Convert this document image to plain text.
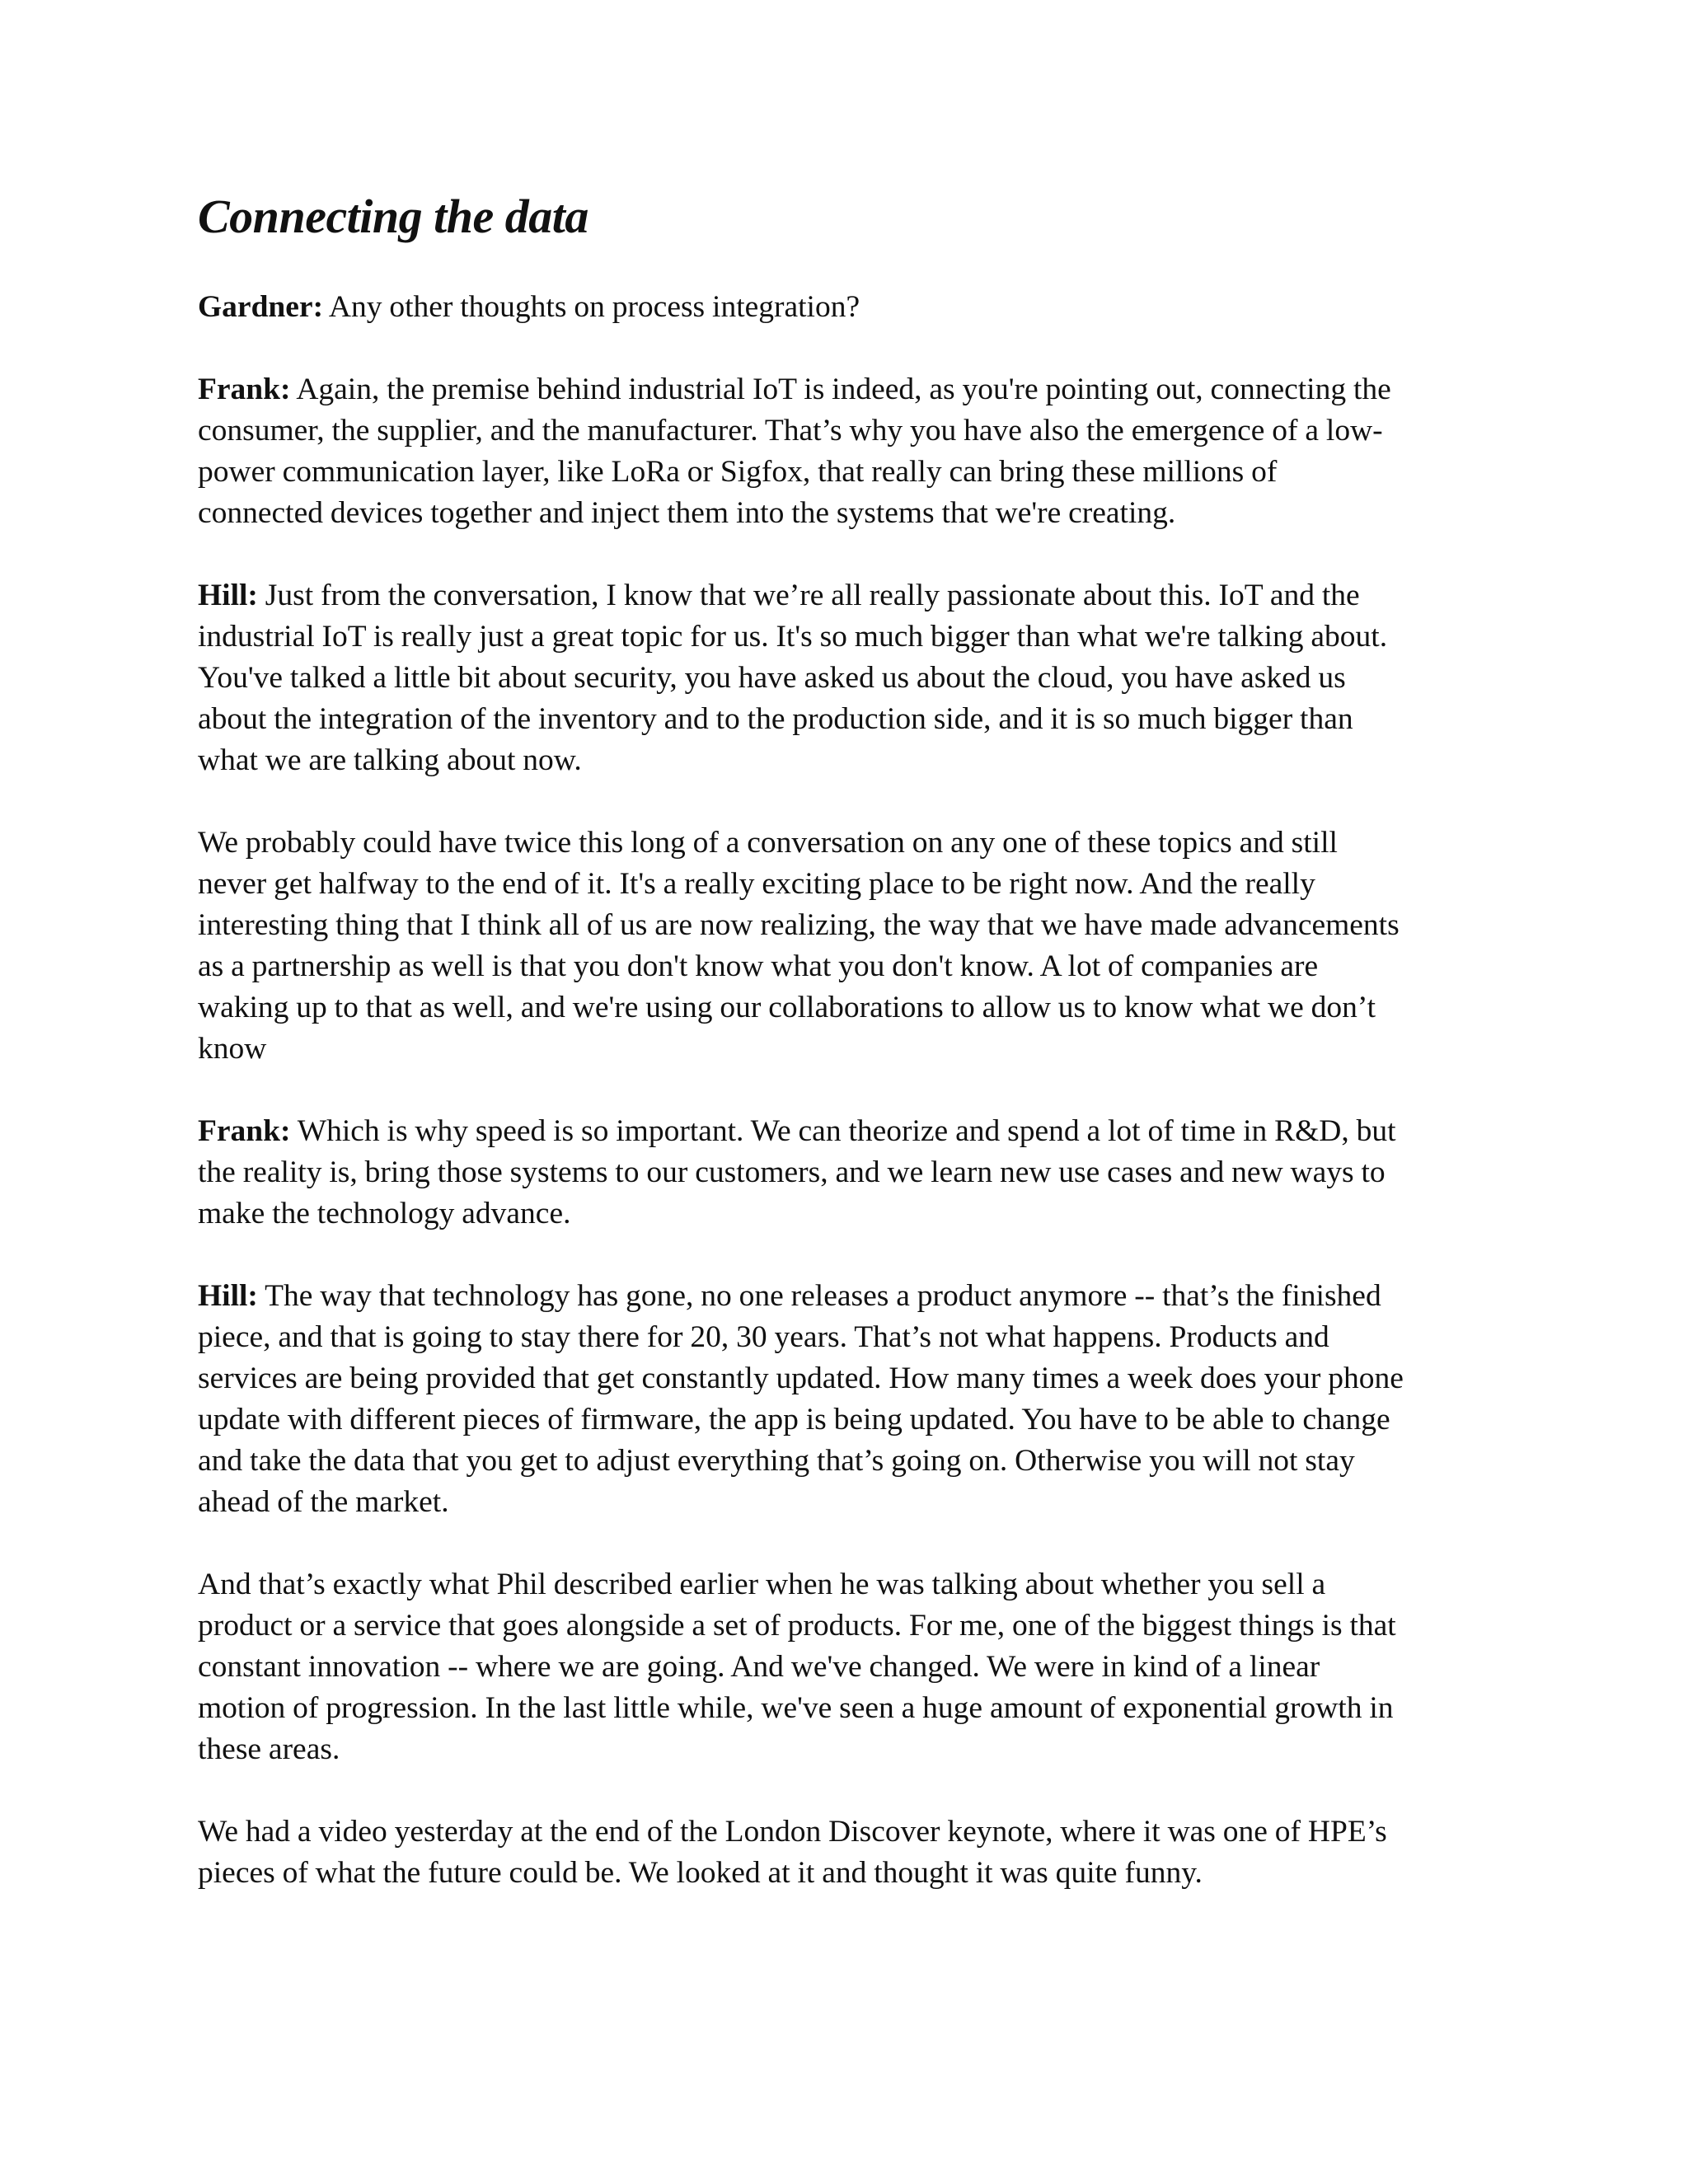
Connecting the data

Gardner: Any other thoughts on process integration?

Frank: Again, the premise behind industrial IoT is indeed, as you're pointing out, connecting the consumer, the supplier, and the manufacturer. That’s why you have also the emergence of a low-power communication layer, like LoRa or Sigfox, that really can bring these millions of connected devices together and inject them into the systems that we're creating.

Hill: Just from the conversation, I know that we’re all really passionate about this. IoT and the industrial IoT is really just a great topic for us. It's so much bigger than what we're talking about. You've talked a little bit about security, you have asked us about the cloud, you have asked us about the integration of the inventory and to the production side, and it is so much bigger than what we are talking about now.

We probably could have twice this long of a conversation on any one of these topics and still never get halfway to the end of it. It's a really exciting place to be right now. And the really interesting thing that I think all of us are now realizing, the way that we have made advancements as a partnership as well is that you don't know what you don't know. A lot of companies are waking up to that as well, and we're using our collaborations to allow us to know what we don’t know

Frank: Which is why speed is so important. We can theorize and spend a lot of time in R&D, but the reality is, bring those systems to our customers, and we learn new use cases and new ways to make the technology advance.

Hill: The way that technology has gone, no one releases a product anymore -- that’s the finished piece, and that is going to stay there for 20, 30 years. That’s not what happens. Products and services are being provided that get constantly updated. How many times a week does your phone update with different pieces of firmware, the app is being updated. You have to be able to change and take the data that you get to adjust everything that’s going on. Otherwise you will not stay ahead of the market.

And that’s exactly what Phil described earlier when he was talking about whether you sell a product or a service that goes alongside a set of products. For me, one of the biggest things is that constant innovation -- where we are going. And we've changed. We were in kind of a linear motion of progression. In the last little while, we've seen a huge amount of exponential growth in these areas.

We had a video yesterday at the end of the London Discover keynote, where it was one of HPE’s pieces of what the future could be. We looked at it and thought it was quite funny.
